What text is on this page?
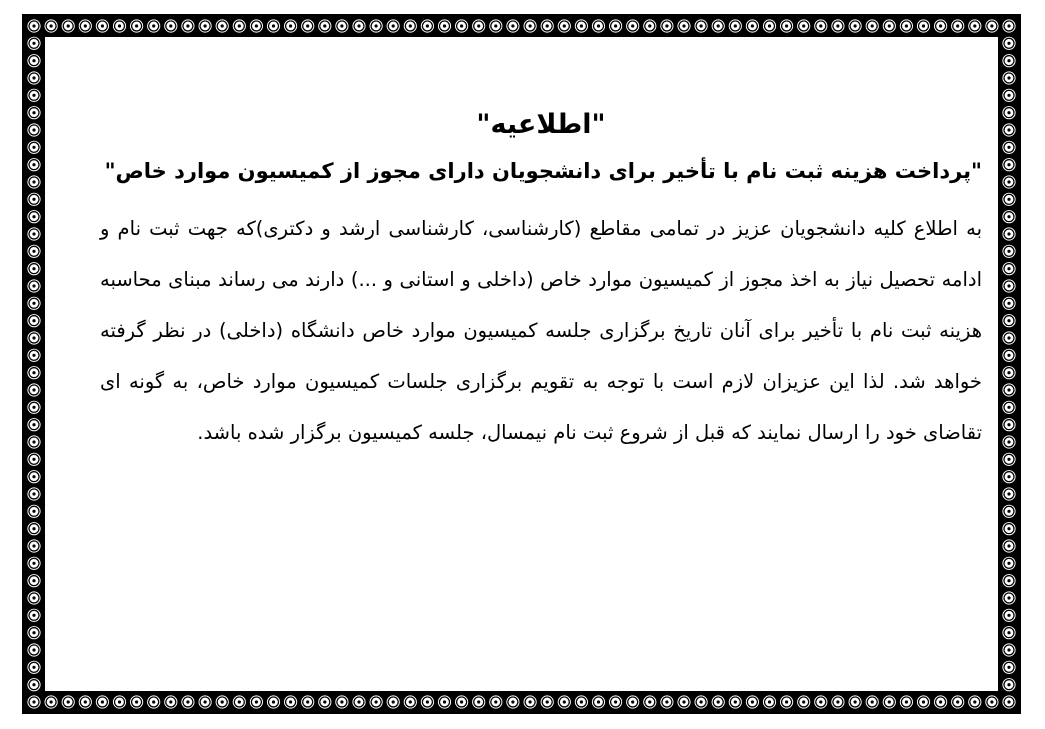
"اطلاعیه"
"پرداخت هزینه ثبت نام با تأخیر برای دانشجویان دارای مجوز از کمیسیون موارد خاص"

به اطلاع کلیه دانشجویان عزیز در تمامی مقاطع (کارشناسی، کارشناسی ارشد و دکتری)که جهت ثبت نام و ادامه تحصیل نیاز به اخذ مجوز از کمیسیون موارد خاص (داخلی و استانی و ...) دارند می رساند مبنای محاسبه هزینه ثبت نام با تأخیر برای آنان تاریخ برگزاری جلسه کمیسیون موارد خاص دانشگاه (داخلی) در نظر گرفته خواهد شد. لذا این عزیزان لازم است با توجه به تقویم برگزاری جلسات کمیسیون موارد خاص، به گونه ای تقاضای خود را ارسال نمایند که قبل از شروع ثبت نام نیمسال، جلسه کمیسیون برگزار شده باشد.
